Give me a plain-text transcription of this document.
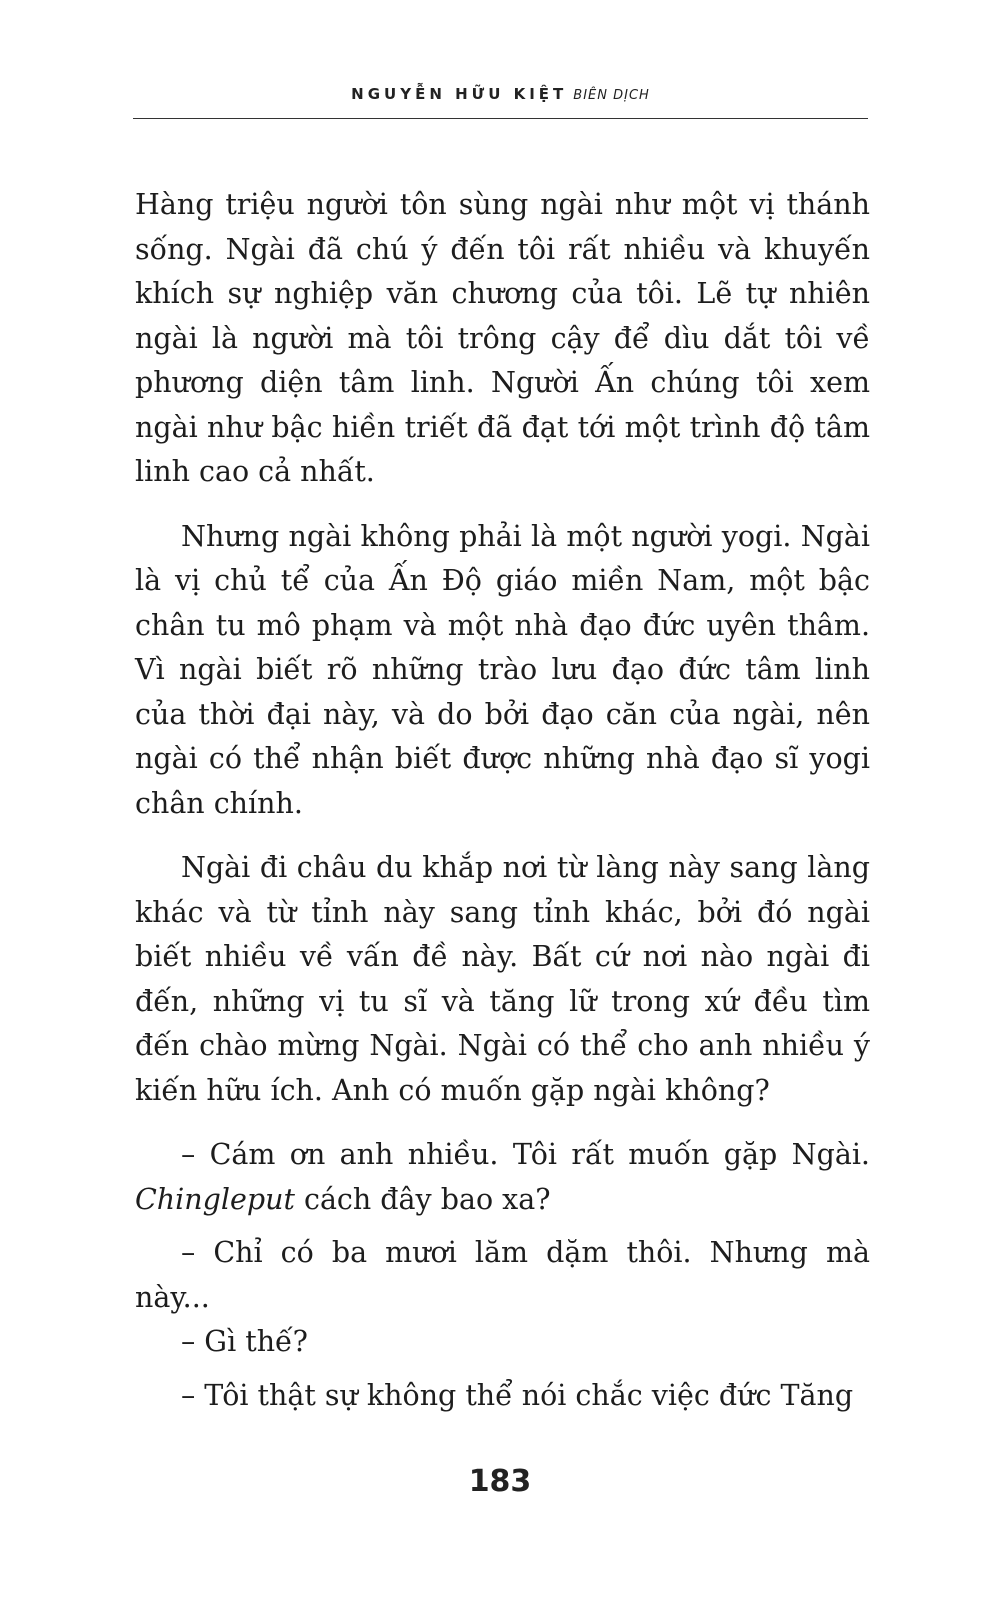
NGUYỄN HỮU KIỆT BIÊN DỊCH

Hàng triệu người tôn sùng ngài như một vị thánh sống. Ngài đã chú ý đến tôi rất nhiều và khuyến khích sự nghiệp văn chương của tôi. Lẽ tự nhiên ngài là người mà tôi trông cậy để dìu dắt tôi về phương diện tâm linh. Người Ấn chúng tôi xem ngài như bậc hiền triết đã đạt tới một trình độ tâm linh cao cả nhất.

Nhưng ngài không phải là một người yogi. Ngài là vị chủ tể của Ấn Độ giáo miền Nam, một bậc chân tu mô phạm và một nhà đạo đức uyên thâm. Vì ngài biết rõ những trào lưu đạo đức tâm linh của thời đại này, và do bởi đạo căn của ngài, nên ngài có thể nhận biết được những nhà đạo sĩ yogi chân chính.

Ngài đi châu du khắp nơi từ làng này sang làng khác và từ tỉnh này sang tỉnh khác, bởi đó ngài biết nhiều về vấn đề này. Bất cứ nơi nào ngài đi đến, những vị tu sĩ và tăng lữ trong xứ đều tìm đến chào mừng Ngài. Ngài có thể cho anh nhiều ý kiến hữu ích. Anh có muốn gặp ngài không?

– Cám ơn anh nhiều. Tôi rất muốn gặp Ngài. Chingleput cách đây bao xa?

– Chỉ có ba mươi lăm dặm thôi. Nhưng mà này...

– Gì thế?

– Tôi thật sự không thể nói chắc việc đức Tăng

183
